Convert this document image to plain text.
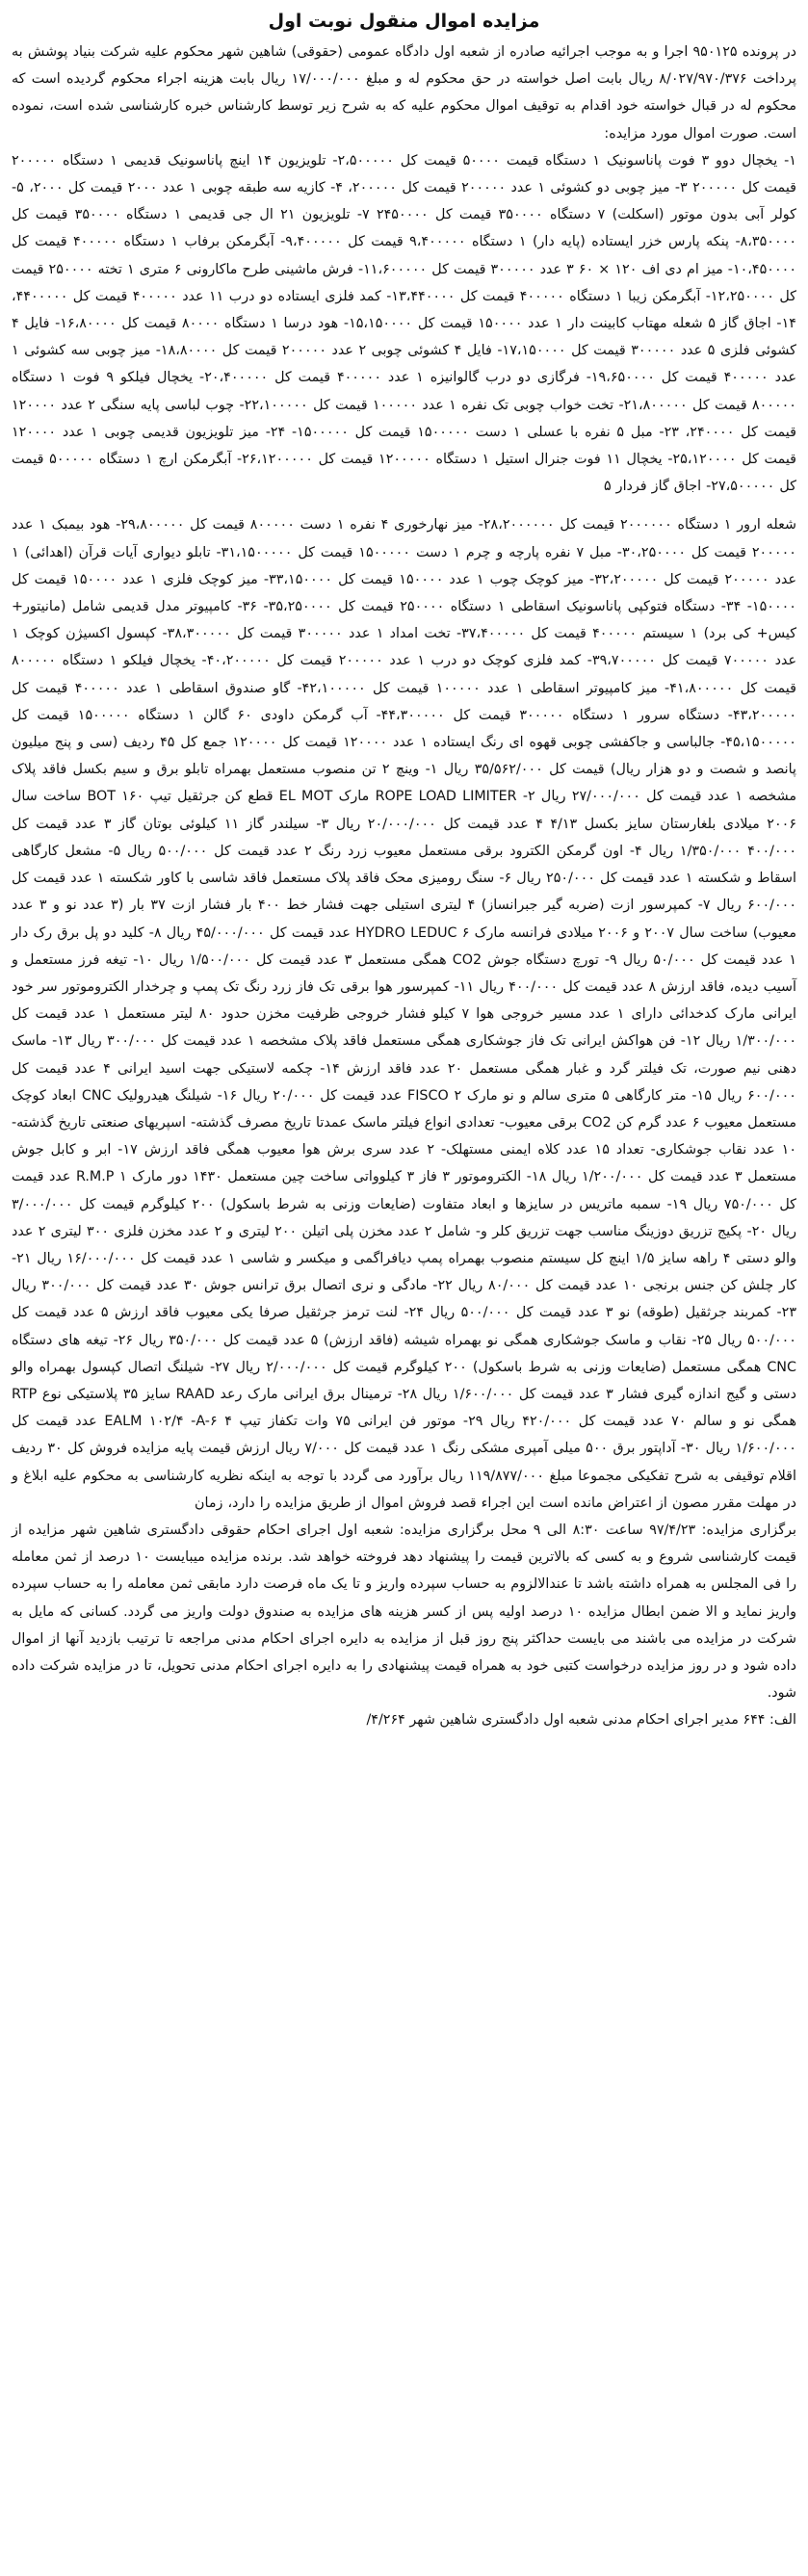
مزایده اموال منقول نوبت اول

در پرونده ۹۵۰۱۲۵ اجرا و به موجب اجرائیه صادره از شعبه اول دادگاه عمومی (حقوقی) شاهین شهر محکوم علیه شرکت بنیاد پوشش به پرداخت ۸/۰۲۷/۹۷۰/۳۷۶ ریال بابت اصل خواسته در حق محکوم له و مبلغ ۱۷/۰۰۰/۰۰۰ ریال بابت هزینه اجراء محکوم گردیده است که محکوم له در قبال خواسته خود اقدام به توقیف اموال محکوم علیه که به شرح زیر توسط کارشناس خبره کارشناسی شده است، نموده است. صورت اموال مورد مزایده:

۱- یخچال دوو ۳ فوت پاناسونیک ۱ دستگاه قیمت ۵۰۰۰۰ قیمت کل ۲،۵۰۰۰۰۰- تلویزیون ۱۴ اینچ پاناسونیک قدیمی ۱ دستگاه ۲۰۰۰۰۰ قیمت کل ۲۰۰۰۰۰ ۳- میز چوبی دو کشوئی ۱ عدد ۲۰۰۰۰۰ قیمت کل ۲۰۰۰۰۰، ۴- کازیه سه طبقه چوبی ۱ عدد ۲۰۰۰ قیمت کل ۲۰۰۰، ۵- کولر آبی بدون موتور (اسکلت) ۷ دستگاه ۳۵۰۰۰۰ قیمت کل ۲۴۵۰۰۰۰ ۷- تلویزیون ۲۱ ال جی قدیمی ۱ دستگاه ۳۵۰۰۰۰ قیمت کل ۸،۳۵۰۰۰۰- پنکه پارس خزر ایستاده (پایه دار) ۱ دستگاه ۹،۴۰۰۰۰۰ قیمت کل ۹،۴۰۰۰۰۰- آبگرمکن برفاب ۱ دستگاه ۴۰۰۰۰۰ قیمت کل ۱۰،۴۵۰۰۰۰- میز ام دی اف ۱۲۰ × ۶۰ ۳ عدد ۳۰۰۰۰۰ قیمت کل ۱۱،۶۰۰۰۰۰- فرش ماشینی طرح ماکارونی ۶ متری ۱ تخته ۲۵۰۰۰۰ قیمت کل ۱۲،۲۵۰۰۰۰- آبگرمکن زیبا ۱ دستگاه ۴۰۰۰۰۰ قیمت کل ۱۳،۴۴۰۰۰۰- کمد فلزی ایستاده دو درب ۱۱ عدد ۴۰۰۰۰۰ قیمت کل ۴۴۰۰۰۰۰، ۱۴- اجاق گاز ۵ شعله مهتاب کابینت دار ۱ عدد ۱۵۰۰۰۰ قیمت کل ۱۵،۱۵۰۰۰۰- هود درسا ۱ دستگاه ۸۰۰۰۰ قیمت کل ۱۶،۸۰۰۰۰- فایل ۴ کشوئی فلزی ۵ عدد ۳۰۰۰۰۰ قیمت کل ۱۷،۱۵۰۰۰۰- فایل ۴ کشوئی چوبی ۲ عدد ۲۰۰۰۰۰ قیمت کل ۱۸،۸۰۰۰۰- میز چوبی سه کشوئی ۱ عدد ۴۰۰۰۰۰ قیمت کل ۱۹،۶۵۰۰۰۰- فرگازی دو درب گالوانیزه ۱ عدد ۴۰۰۰۰۰ قیمت کل ۲۰،۴۰۰۰۰۰- یخچال فیلکو ۹ فوت ۱ دستگاه ۸۰۰۰۰۰ قیمت کل ۲۱،۸۰۰۰۰۰- تخت خواب چوبی تک نفره ۱ عدد ۱۰۰۰۰۰ قیمت کل ۲۲،۱۰۰۰۰۰- چوب لباسی پایه سنگی ۲ عدد ۱۲۰۰۰۰ قیمت کل ۲۴۰۰۰۰، ۲۳- مبل ۵ نفره با عسلی ۱ دست ۱۵۰۰۰۰۰ قیمت کل ۱۵۰۰۰۰۰- ۲۴- میز تلویزیون قدیمی چوبی ۱ عدد ۱۲۰۰۰۰ قیمت کل ۲۵،۱۲۰۰۰۰- یخچال ۱۱ فوت جنرال استیل ۱ دستگاه ۱۲۰۰۰۰۰ قیمت کل ۲۶،۱۲۰۰۰۰۰- آبگرمکن ارچ ۱ دستگاه ۵۰۰۰۰۰ قیمت کل ۲۷،۵۰۰۰۰۰- اجاق گاز فردار ۵

شعله ارور ۱ دستگاه ۲۰۰۰۰۰۰ قیمت کل ۲۸،۲۰۰۰۰۰۰- میز نهارخوری ۴ نفره ۱ دست ۸۰۰۰۰۰ قیمت کل ۲۹،۸۰۰۰۰۰- هود بیمبک ۱ عدد ۲۰۰۰۰۰ قیمت کل ۳۰،۲۵۰۰۰۰- مبل ۷ نفره پارچه و چرم ۱ دست ۱۵۰۰۰۰۰ قیمت کل ۳۱،۱۵۰۰۰۰۰- تابلو دیواری آیات قرآن (اهدائی) ۱ عدد ۲۰۰۰۰۰ قیمت کل ۳۲،۲۰۰۰۰۰- میز کوچک چوب ۱ عدد ۱۵۰۰۰۰ قیمت کل ۳۳،۱۵۰۰۰۰- میز کوچک فلزی ۱ عدد ۱۵۰۰۰۰ قیمت کل ۱۵۰۰۰۰- ۳۴- دستگاه فتوکپی پاناسونیک اسقاطی ۱ دستگاه ۲۵۰۰۰۰ قیمت کل ۳۵،۲۵۰۰۰۰- ۳۶- کامپیوتر مدل قدیمی شامل (مانیتور+ کیس+ کی برد) ۱ سیستم ۴۰۰۰۰۰ قیمت کل ۳۷،۴۰۰۰۰۰- تخت امداد ۱ عدد ۳۰۰۰۰۰ قیمت کل ۳۸،۳۰۰۰۰۰- کپسول اکسیژن کوچک ۱ عدد ۷۰۰۰۰۰ قیمت کل ۳۹،۷۰۰۰۰۰- کمد فلزی کوچک دو درب ۱ عدد ۲۰۰۰۰۰ قیمت کل ۴۰،۲۰۰۰۰۰- یخچال فیلکو ۱ دستگاه ۸۰۰۰۰۰ قیمت کل ۴۱،۸۰۰۰۰۰- میز کامپیوتر اسقاطی ۱ عدد ۱۰۰۰۰۰ قیمت کل ۴۲،۱۰۰۰۰۰- گاو صندوق اسقاطی ۱ عدد ۴۰۰۰۰۰ قیمت کل ۴۳،۲۰۰۰۰۰- دستگاه سرور ۱ دستگاه ۳۰۰۰۰۰ قیمت کل ۴۴،۳۰۰۰۰۰- آب گرمکن داودی ۶۰ گالن ۱ دستگاه ۱۵۰۰۰۰۰ قیمت کل ۴۵،۱۵۰۰۰۰۰- جالباسی و جاکفشی چوبی قهوه ای رنگ ایستاده ۱ عدد ۱۲۰۰۰۰ قیمت کل ۱۲۰۰۰۰ جمع کل ۴۵ ردیف (سی و پنج میلیون پانصد و شصت و دو هزار ریال) قیمت کل ۳۵/۵۶۲/۰۰۰ ریال ۱- وینچ ۲ تن منصوب مستعمل بهمراه تابلو برق و سیم بکسل فاقد پلاک مشخصه ۱ عدد قیمت کل ۲۷/۰۰۰/۰۰۰ ریال ۲- ROPE LOAD LIMITER مارک EL MOT قطع کن جرثقیل تیپ ۱۶۰ BOT ساخت سال ۲۰۰۶ میلادی بلغارستان سایز بکسل ۴/۱۳ ۴ عدد قیمت کل ۲۰/۰۰۰/۰۰۰ ریال ۳- سیلندر گاز ۱۱ کیلوئی بوتان گاز ۳ عدد قیمت کل ۴۰۰/۰۰۰ ۱/۳۵۰/۰۰۰ ریال ۴- اون گرمکن الکترود برقی مستعمل معیوب زرد رنگ ۲ عدد قیمت کل ۵۰۰/۰۰۰ ریال ۵- مشعل کارگاهی اسقاط و شکسته ۱ عدد قیمت کل ۲۵۰/۰۰۰ ریال ۶- سنگ رومیزی محک فاقد پلاک مستعمل فاقد شاسی با کاور شکسته ۱ عدد قیمت کل ۶۰۰/۰۰۰ ریال ۷- کمپرسور ازت (ضربه گیر جبرانساز) ۴ لیتری استیلی جهت فشار خط ۴۰۰ بار فشار ازت ۳۷ بار (۳ عدد نو و ۳ عدد معیوب) ساخت سال ۲۰۰۷ و ۲۰۰۶ میلادی فرانسه مارک HYDRO LEDUC ۶ عدد قیمت کل ۴۵/۰۰۰/۰۰۰ ریال ۸- کلید دو پل برق رک دار ۱ عدد قیمت کل ۵۰/۰۰۰ ریال ۹- تورچ دستگاه جوش CO2 همگی مستعمل ۳ عدد قیمت کل ۱/۵۰۰/۰۰۰ ریال ۱۰- تیغه فرز مستعمل و آسیب دیده، فاقد ارزش ۸ عدد قیمت کل ۴۰۰/۰۰۰ ریال ۱۱- کمپرسور هوا برقی تک فاز زرد رنگ تک پمپ و چرخدار الکتروموتور سر خود ایرانی مارک کدخدائی دارای ۱ عدد مسیر خروجی هوا ۷ کیلو فشار خروجی ظرفیت مخزن حدود ۸۰ لیتر مستعمل ۱ عدد قیمت کل ۱/۳۰۰/۰۰۰ ریال ۱۲- فن هواکش ایرانی تک فاز جوشکاری همگی مستعمل فاقد پلاک مشخصه ۱ عدد قیمت کل ۳۰۰/۰۰۰ ریال ۱۳- ماسک دهنی نیم صورت، تک فیلتر گرد و غبار همگی مستعمل ۲۰ عدد فاقد ارزش ۱۴- چکمه لاستیکی جهت اسید ایرانی ۴ عدد قیمت کل ۶۰۰/۰۰۰ ریال ۱۵- متر کارگاهی ۵ متری سالم و نو مارک FISCO ۲ عدد قیمت کل ۲۰/۰۰۰ ریال ۱۶- شیلنگ هیدرولیک CNC ابعاد کوچک مستعمل معیوب ۶ عدد گرم کن CO2 برقی معیوب- تعدادی انواع فیلتر ماسک عمدتا تاریخ مصرف گذشته- اسپریهای صنعتی تاریخ گذشته- ۱۰ عدد نقاب جوشکاری- تعداد ۱۵ عدد کلاه ایمنی مستهلک- ۲ عدد سری برش هوا معیوب همگی فاقد ارزش ۱۷- ابر و کابل جوش مستعمل ۳ عدد قیمت کل ۱/۲۰۰/۰۰۰ ریال ۱۸- الکتروموتور ۳ فاز ۳ کیلوواتی ساخت چین مستعمل ۱۴۳۰ دور مارک R.M.P ۱ عدد قیمت کل ۷۵۰/۰۰۰ ریال ۱۹- سمبه ماتریس در سایزها و ابعاد متفاوت (ضایعات وزنی به شرط باسکول) ۲۰۰ کیلوگرم قیمت کل ۳/۰۰۰/۰۰۰ ریال ۲۰- پکیج تزریق دوزینگ مناسب جهت تزریق کلر و- شامل ۲ عدد مخزن پلی اتیلن ۲۰۰ لیتری و ۲ عدد مخزن فلزی ۳۰۰ لیتری ۲ عدد والو دستی ۴ راهه سایز ۱/۵ اینچ کل سیستم منصوب بهمراه پمپ دیافراگمی و میکسر و شاسی ۱ عدد قیمت کل ۱۶/۰۰۰/۰۰۰ ریال ۲۱- کار چلش کن جنس برنجی ۱۰ عدد قیمت کل ۸۰/۰۰۰ ریال ۲۲- مادگی و نری اتصال برق ترانس جوش ۳۰ عدد قیمت کل ۳۰۰/۰۰۰ ریال ۲۳- کمربند جرثقیل (طوقه) نو ۳ عدد قیمت کل ۵۰۰/۰۰۰ ریال ۲۴- لنت ترمز جرثقیل صرفا یکی معیوب فاقد ارزش ۵ عدد قیمت کل ۵۰۰/۰۰۰ ریال ۲۵- نقاب و ماسک جوشکاری همگی نو بهمراه شیشه (فاقد ارزش) ۵ عدد قیمت کل ۳۵۰/۰۰۰ ریال ۲۶- تیغه های دستگاه CNC همگی مستعمل (ضایعات وزنی به شرط باسکول) ۲۰۰ کیلوگرم قیمت کل ۲/۰۰۰/۰۰۰ ریال ۲۷- شیلنگ اتصال کپسول بهمراه والو دستی و گیج اندازه گیری فشار ۳ عدد قیمت کل ۱/۶۰۰/۰۰۰ ریال ۲۸- ترمینال برق ایرانی مارک رعد RAAD سایز ۳۵ پلاستیکی نوع RTP همگی نو و سالم ۷۰ عدد قیمت کل ۴۲۰/۰۰۰ ریال ۲۹- موتور فن ایرانی ۷۵ وات تکفاز تیپ EALM ۱۰۲/۴ -A-۶ ۴ عدد قیمت کل ۱/۶۰۰/۰۰۰ ریال ۳۰- آداپتور برق ۵۰۰ میلی آمپری مشکی رنگ ۱ عدد قیمت کل ۷/۰۰۰ ریال ارزش قیمت پایه مزایده فروش کل ۳۰ ردیف اقلام توقیفی به شرح تفکیکی مجموعا مبلغ ۱۱۹/۸۷۷/۰۰۰ ریال برآورد می گردد با توجه به اینکه نظریه کارشناسی به محکوم علیه ابلاغ و در مهلت مقرر مصون از اعتراض مانده است این اجراء قصد فروش اموال از طریق مزایده را دارد، زمان

برگزاری مزایده: ۹۷/۴/۲۳ ساعت ۸:۳۰ الی ۹ محل برگزاری مزایده: شعبه اول اجرای احکام حقوقی دادگستری شاهین شهر مزایده از قیمت کارشناسی شروع و به کسی که بالاترین قیمت را پیشنهاد دهد فروخته خواهد شد. برنده مزایده میبایست ۱۰ درصد از ثمن معامله را فی المجلس به همراه داشته باشد تا عندالالزوم به حساب سپرده واریز و تا یک ماه فرصت دارد مابقی ثمن معامله را به حساب سپرده واریز نماید و الا ضمن ابطال مزایده ۱۰ درصد اولیه پس از کسر هزینه های مزایده به صندوق دولت واریز می گردد. کسانی که مایل به شرکت در مزایده می باشند می بایست حداکثر پنج روز قبل از مزایده به دایره اجرای احکام مدنی مراجعه تا ترتیب بازدید آنها از اموال داده شود و در روز مزایده درخواست کتبی خود به همراه قیمت پیشنهادی را به دایره اجرای احکام مدنی تحویل، تا در مزایده شرکت داده شود.

الف: ۶۴۴ مدیر اجرای احکام مدنی شعبه اول دادگستری شاهین شهر ۴/۲۶۴/
